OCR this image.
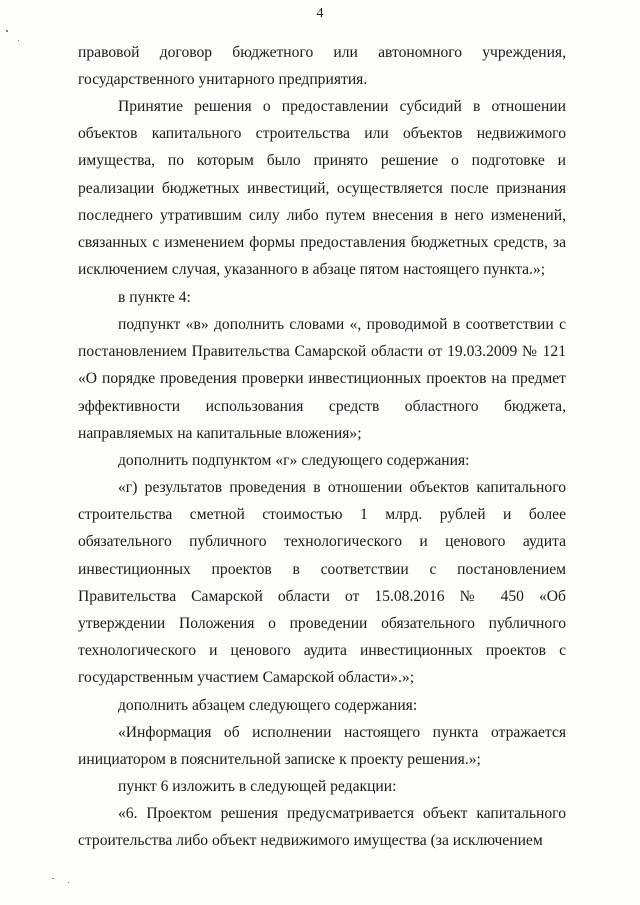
4

правовой договор бюджетного или автономного учреждения, государственного унитарного предприятия.

Принятие решения о предоставлении субсидий в отношении объектов капитального строительства или объектов недвижимого имущества, по которым было принято решение о подготовке и реализации бюджетных инвестиций, осуществляется после признания последнего утратившим силу либо путем внесения в него изменений, связанных с изменением формы предоставления бюджетных средств, за исключением случая, указанного в абзаце пятом настоящего пункта.»;

в пункте 4:

подпункт «в» дополнить словами «, проводимой в соответствии с постановлением Правительства Самарской области от 19.03.2009 № 121 «О порядке проведения проверки инвестиционных проектов на предмет эффективности использования средств областного бюджета, направляемых на капитальные вложения»;

дополнить подпунктом «г» следующего содержания:

«г) результатов проведения в отношении объектов капитального строительства сметной стоимостью 1 млрд. рублей и более обязательного публичного технологического и ценового аудита инвестиционных проектов в соответствии с постановлением Правительства Самарской области от 15.08.2016 № 450 «Об утверждении Положения о проведении обязательного публичного технологического и ценового аудита инвестиционных проектов с государственным участием Самарской области».»;

дополнить абзацем следующего содержания:

«Информация об исполнении настоящего пункта отражается инициатором в пояснительной записке к проекту решения.»;

пункт 6 изложить в следующей редакции:

«6. Проектом решения предусматривается объект капитального строительства либо объект недвижимого имущества (за исключением
